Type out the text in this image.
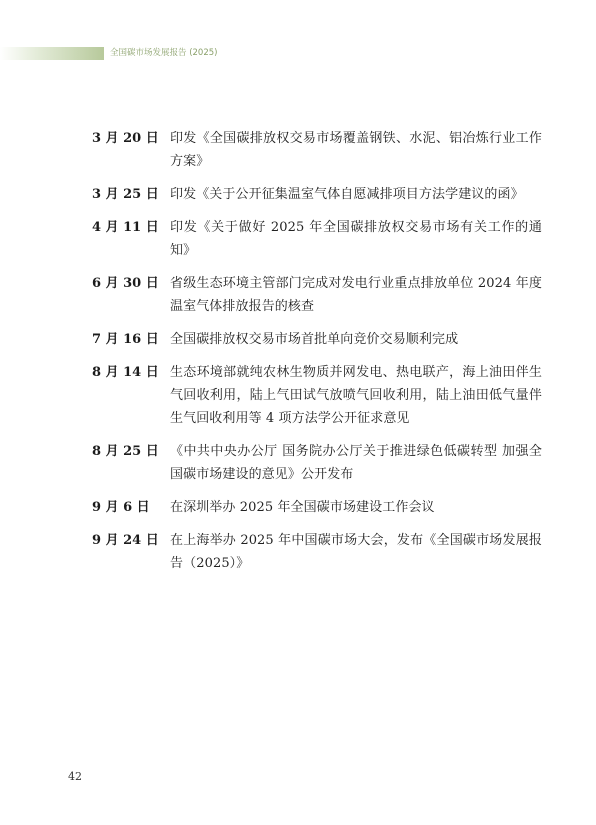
全国碳市场发展报告 (2025)
3 月 20 日 印发《全国碳排放权交易市场覆盖钢铁、水泥、铝冶炼行业工作方案》
3 月 25 日 印发《关于公开征集温室气体自愿减排项目方法学建议的函》
4 月 11 日 印发《关于做好 2025 年全国碳排放权交易市场有关工作的通知》
6 月 30 日 省级生态环境主管部门完成对发电行业重点排放单位 2024 年度温室气体排放报告的核查
7 月 16 日 全国碳排放权交易市场首批单向竞价交易顺利完成
8 月 14 日 生态环境部就纯农林生物质并网发电、热电联产，海上油田伴生气回收利用，陆上气田试气放喷气回收利用，陆上油田低气量伴生气回收利用等 4 项方法学公开征求意见
8 月 25 日 《中共中央办公厅 国务院办公厅关于推进绿色低碳转型 加强全国碳市场建设的意见》公开发布
9 月 6 日	在深圳举办 2025 年全国碳市场建设工作会议
9 月 24 日 在上海举办 2025 年中国碳市场大会，发布《全国碳市场发展报告（2025）》
42
